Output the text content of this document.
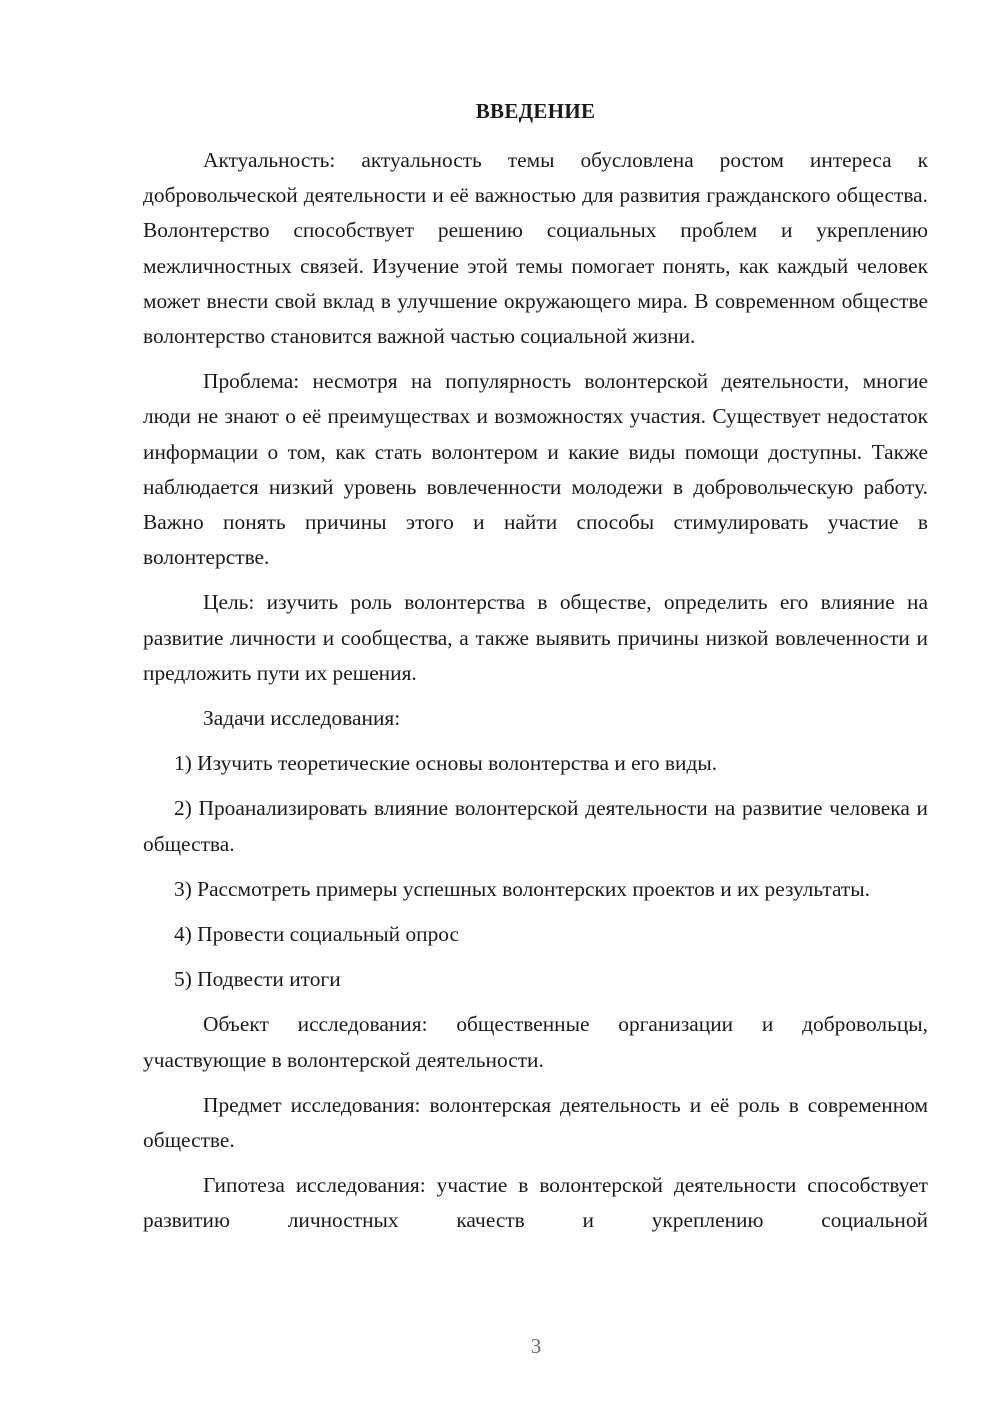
ВВЕДЕНИЕ

Актуальность: актуальность темы обусловлена ростом интереса к добровольческой деятельности и её важностью для развития гражданского общества. Волонтерство способствует решению социальных проблем и укреплению межличностных связей. Изучение этой темы помогает понять, как каждый человек может внести свой вклад в улучшение окружающего мира. В современном обществе волонтерство становится важной частью социальной жизни.

Проблема: несмотря на популярность волонтерской деятельности, многие люди не знают о её преимуществах и возможностях участия. Существует недостаток информации о том, как стать волонтером и какие виды помощи доступны. Также наблюдается низкий уровень вовлеченности молодежи в добровольческую работу. Важно понять причины этого и найти способы стимулировать участие в волонтерстве.

Цель: изучить роль волонтерства в обществе, определить его влияние на развитие личности и сообщества, а также выявить причины низкой вовлеченности и предложить пути их решения.

Задачи исследования:

1) Изучить теоретические основы волонтерства и его виды.

2) Проанализировать влияние волонтерской деятельности на развитие человека и общества.

3) Рассмотреть примеры успешных волонтерских проектов и их результаты.

4) Провести социальный опрос

5) Подвести итоги

Объект исследования: общественные организации и добровольцы, участвующие в волонтерской деятельности.

Предмет исследования: волонтерская деятельность и её роль в современном обществе.

Гипотеза исследования: участие в волонтерской деятельности способствует развитию личностных качеств и укреплению социальной

3
